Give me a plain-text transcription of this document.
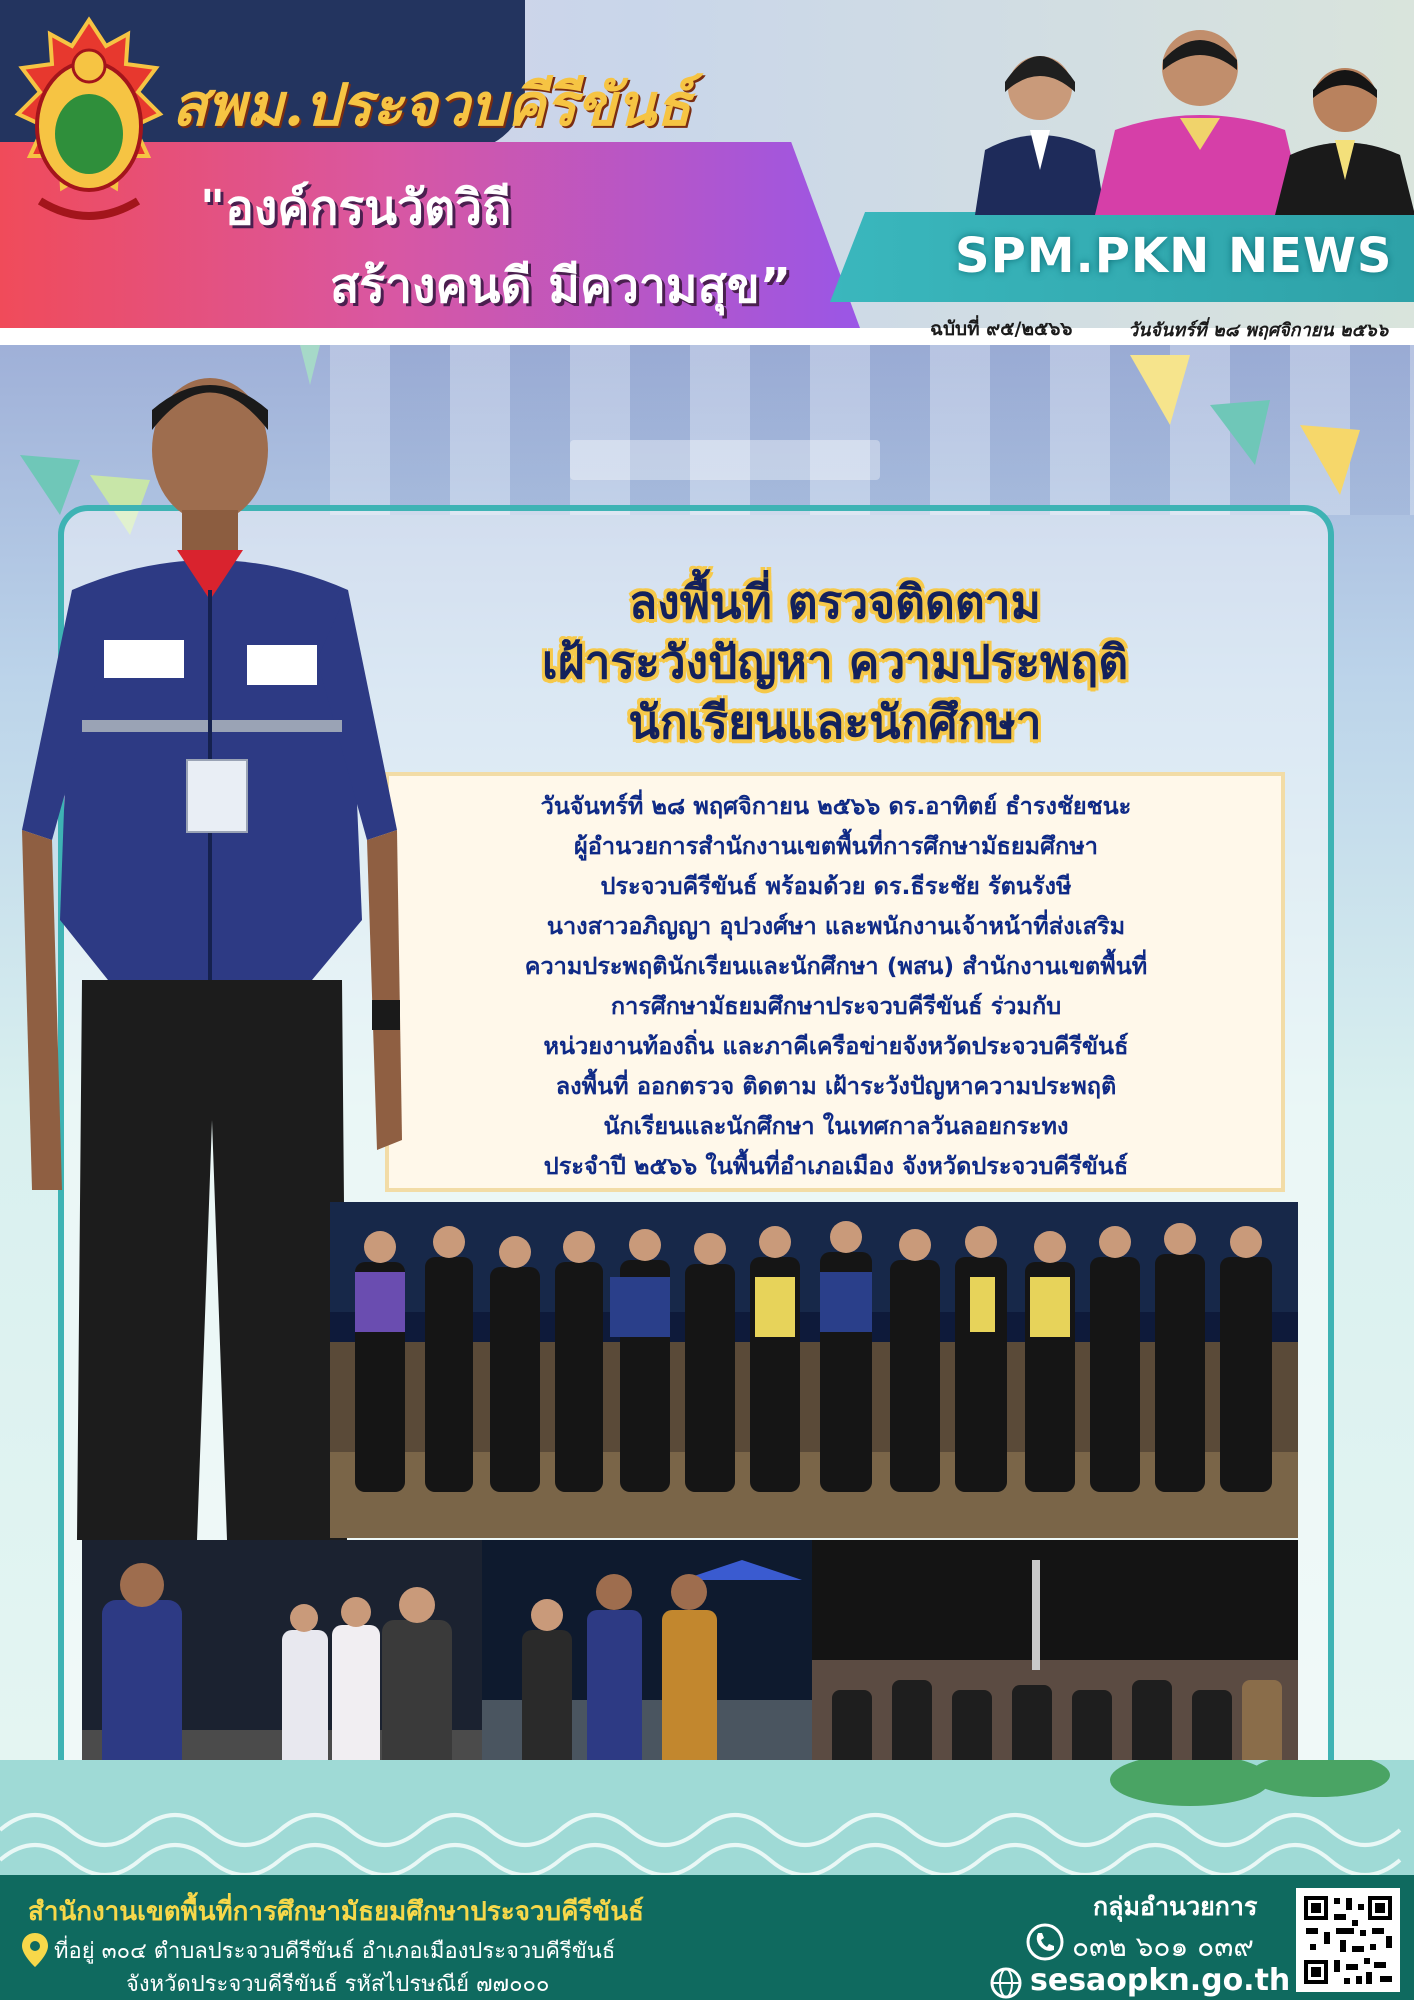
สพม.ประจวบคีรีขันธ์
"องค์กรนวัตวิถี
สร้างคนดี มีความสุข”
SPM.PKN NEWS
ฉบับที่ ๙๕/๒๕๖๖	วันจันทร์ที่ ๒๘ พฤศจิกายน ๒๕๖๖
ลงพื้นที่ ตรวจติดตาม
เฝ้าระวังปัญหา ความประพฤติ
นักเรียนและนักศึกษา
วันจันทร์ที่ ๒๘ พฤศจิกายน ๒๕๖๖ ดร.อาทิตย์ ธำรงชัยชนะ
ผู้อำนวยการสำนักงานเขตพื้นที่การศึกษามัธยมศึกษา
ประจวบคีรีขันธ์ พร้อมด้วย ดร.ธีระชัย รัตนรังษี
นางสาวอภิญญา อุปวงศ์ษา และพนักงานเจ้าหน้าที่ส่งเสริม
ความประพฤตินักเรียนและนักศึกษา (พสน) สำนักงานเขตพื้นที่
การศึกษามัธยมศึกษาประจวบคีรีขันธ์ ร่วมกับ
หน่วยงานท้องถิ่น และภาคีเครือข่ายจังหวัดประจวบคีรีขันธ์
ลงพื้นที่ ออกตรวจ ติดตาม เฝ้าระวังปัญหาความประพฤติ
นักเรียนและนักศึกษา ในเทศกาลวันลอยกระทง
ประจำปี ๒๕๖๖ ในพื้นที่อำเภอเมือง จังหวัดประจวบคีรีขันธ์
สำนักงานเขตพื้นที่การศึกษามัธยมศึกษาประจวบคีรีขันธ์
ที่อยู่ ๓๐๔ ตำบลประจวบคีรีขันธ์ อำเภอเมืองประจวบคีรีขันธ์
จังหวัดประจวบคีรีขันธ์ รหัสไปรษณีย์ ๗๗๐๐๐
กลุ่มอำนวยการ
๐๓๒ ๖๐๑ ๐๓๙
sesaopkn.go.th
